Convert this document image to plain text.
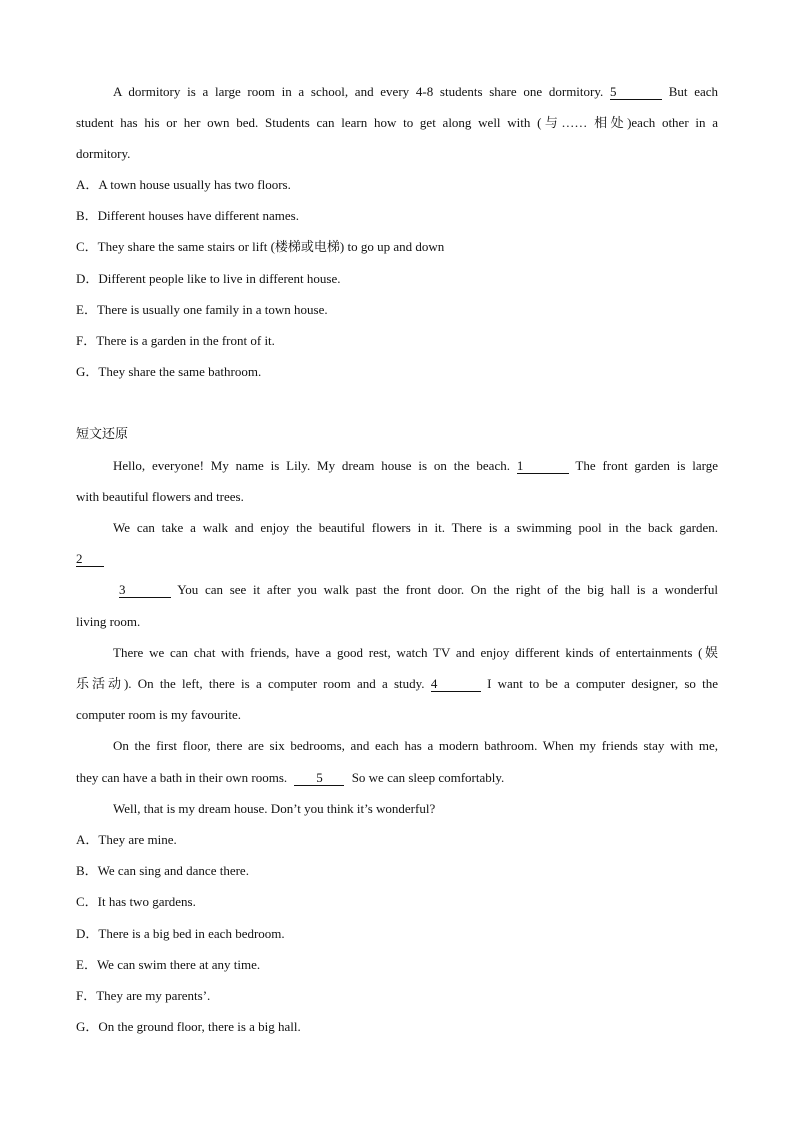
A dormitory is a large room in a school, and every 4-8 students share one dormitory. 5	But each
student has his or her own bed. Students can learn how to get along well with (与…… 相处)each other in a
dormitory.
A．A town house usually has two floors.
B．Different houses have different names.
C．They share the same stairs or lift (楼梯或电梯) to go up and down
D．Different people like to live in different house.
E．There is usually one family in a town house.
F．There is a garden in the front of it.
G．They share the same bathroom.
短文还原
Hello, everyone! My name is Lily. My dream house is on the beach. 1	The front garden is large
with beautiful flowers and trees.
We can take a walk and enjoy the beautiful flowers in it. There is a swimming pool in the back garden.
2
3	You can see it after you walk past the front door. On the right of the big hall is a wonderful
living room.
There we can chat with friends, have a good rest, watch TV and enjoy different kinds of entertainments (娱
乐活动). On the left, there is a computer room and a study. 4	I want to be a computer designer, so the
computer room is my favourite.
On the first floor, there are six bedrooms, and each has a modern bathroom. When my friends stay with me,
they can have a bath in their own rooms. 5 So we can sleep comfortably.
Well, that is my dream house. Don’t you think it’s wonderful?
A．They are mine.
B．We can sing and dance there.
C．It has two gardens.
D．There is a big bed in each bedroom.
E．We can swim there at any time.
F．They are my parents’.
G．On the ground floor, there is a big hall.
